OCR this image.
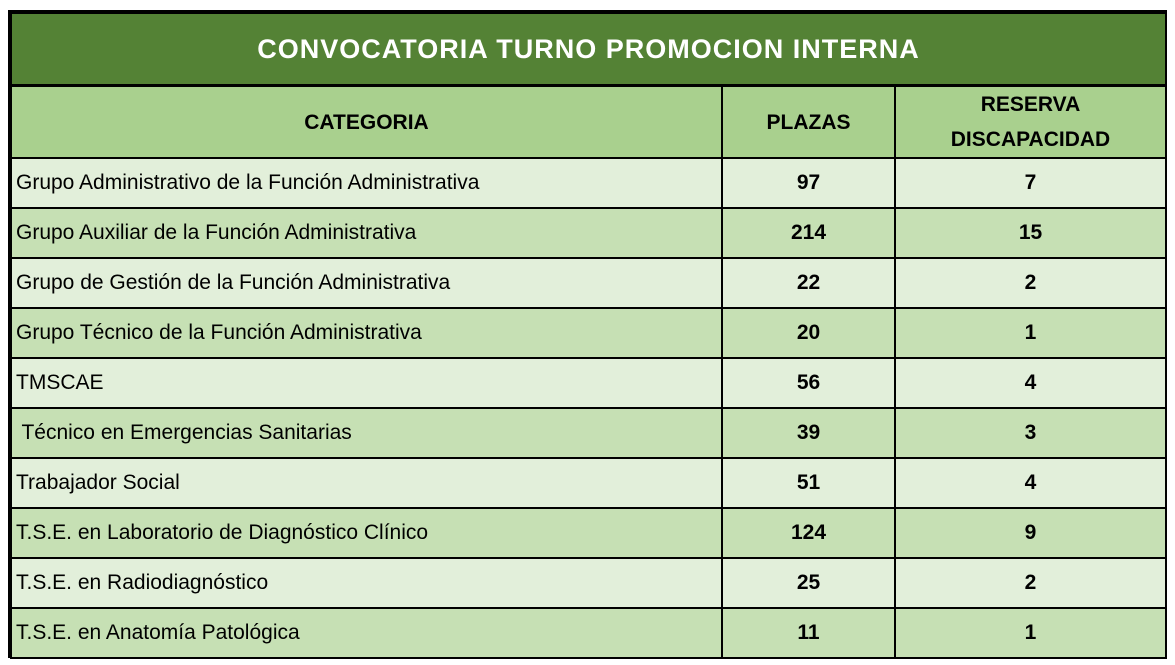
CONVOCATORIA TURNO PROMOCION INTERNA		
CATEGORIA	PLAZAS	RESERVA
DISCAPACIDAD

Grupo Administrativo de la Función Administrativa	97	7
Grupo Auxiliar de la Función Administrativa	214	15
Grupo de Gestión de la Función Administrativa	22	2
Grupo Técnico de la Función Administrativa	20	1
TMSCAE	56	4
Técnico en Emergencias Sanitarias	39	3
Trabajador Social	51	4
T.S.E. en Laboratorio de Diagnóstico Clínico	124	9
T.S.E. en Radiodiagnóstico	25	2
T.S.E. en Anatomía Patológica	11	1
